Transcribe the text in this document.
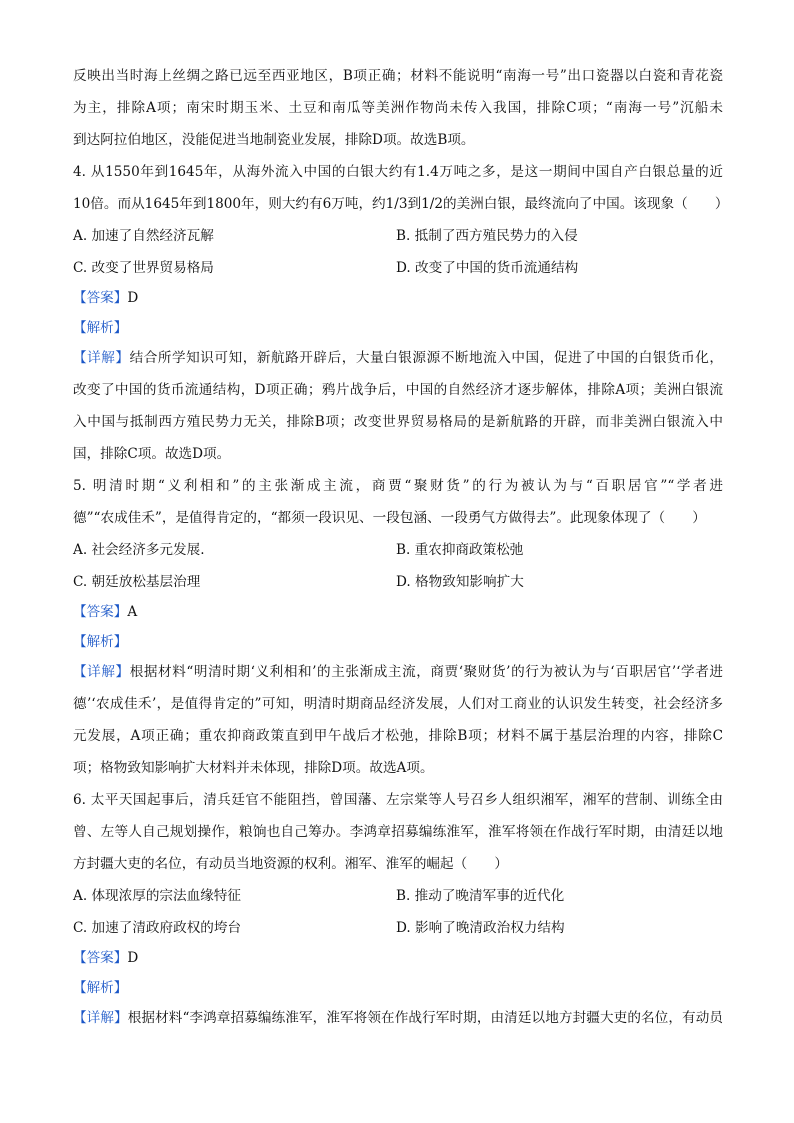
反映出当时海上丝绸之路已远至西亚地区，B项正确；材料不能说明“南海一号”出口瓷器以白瓷和青花瓷
为主，排除A项；南宋时期玉米、土豆和南瓜等美洲作物尚未传入我国，排除C项；“南海一号”沉船未
到达阿拉伯地区，没能促进当地制瓷业发展，排除D项。故选B项。
4. 从1550年到1645年，从海外流入中国的白银大约有1.4万吨之多，是这一期间中国自产白银总量的近
10倍。而从1645年到1800年，则大约有6万吨，约1/3到1/2的美洲白银，最终流向了中国。该现象（　　）
A. 加速了自然经济瓦解	B. 抵制了西方殖民势力的入侵
C. 改变了世界贸易格局	D. 改变了中国的货币流通结构
【答案】D
【解析】
【详解】结合所学知识可知，新航路开辟后，大量白银源源不断地流入中国，促进了中国的白银货币化，
改变了中国的货币流通结构，D项正确；鸦片战争后，中国的自然经济才逐步解体，排除A项；美洲白银流
入中国与抵制西方殖民势力无关，排除B项；改变世界贸易格局的是新航路的开辟，而非美洲白银流入中
国，排除C项。故选D项。
5. 明清时期“义利相和”的主张渐成主流，商贾“聚财货”的行为被认为与“百职居官”“学者进
德”“农成佳禾”，是值得肯定的，“都须一段识见、一段包涵、一段勇气方做得去”。此现象体现了（　　）
A. 社会经济多元发展.	B. 重农抑商政策松弛
C. 朝廷放松基层治理	D. 格物致知影响扩大
【答案】A
【解析】
【详解】根据材料“明清时期‘义利相和’的主张渐成主流，商贾‘聚财货’的行为被认为与‘百职居官’‘学者进
德’‘农成佳禾’，是值得肯定的”可知，明清时期商品经济发展，人们对工商业的认识发生转变，社会经济多
元发展，A项正确；重农抑商政策直到甲午战后才松弛，排除B项；材料不属于基层治理的内容，排除C
项；格物致知影响扩大材料并未体现，排除D项。故选A项。
6. 太平天国起事后，清兵廷官不能阻挡，曾国藩、左宗棠等人号召乡人组织湘军，湘军的营制、训练全由
曾、左等人自己规划操作，粮饷也自己筹办。李鸿章招募编练淮军，淮军将领在作战行军时期，由清廷以地
方封疆大吏的名位，有动员当地资源的权利。湘军、淮军的崛起（　　）
A. 体现浓厚的宗法血缘特征	B. 推动了晚清军事的近代化
C. 加速了清政府政权的垮台	D. 影响了晚清政治权力结构
【答案】D
【解析】
【详解】根据材料“李鸿章招募编练淮军，淮军将领在作战行军时期，由清廷以地方封疆大吏的名位，有动员
